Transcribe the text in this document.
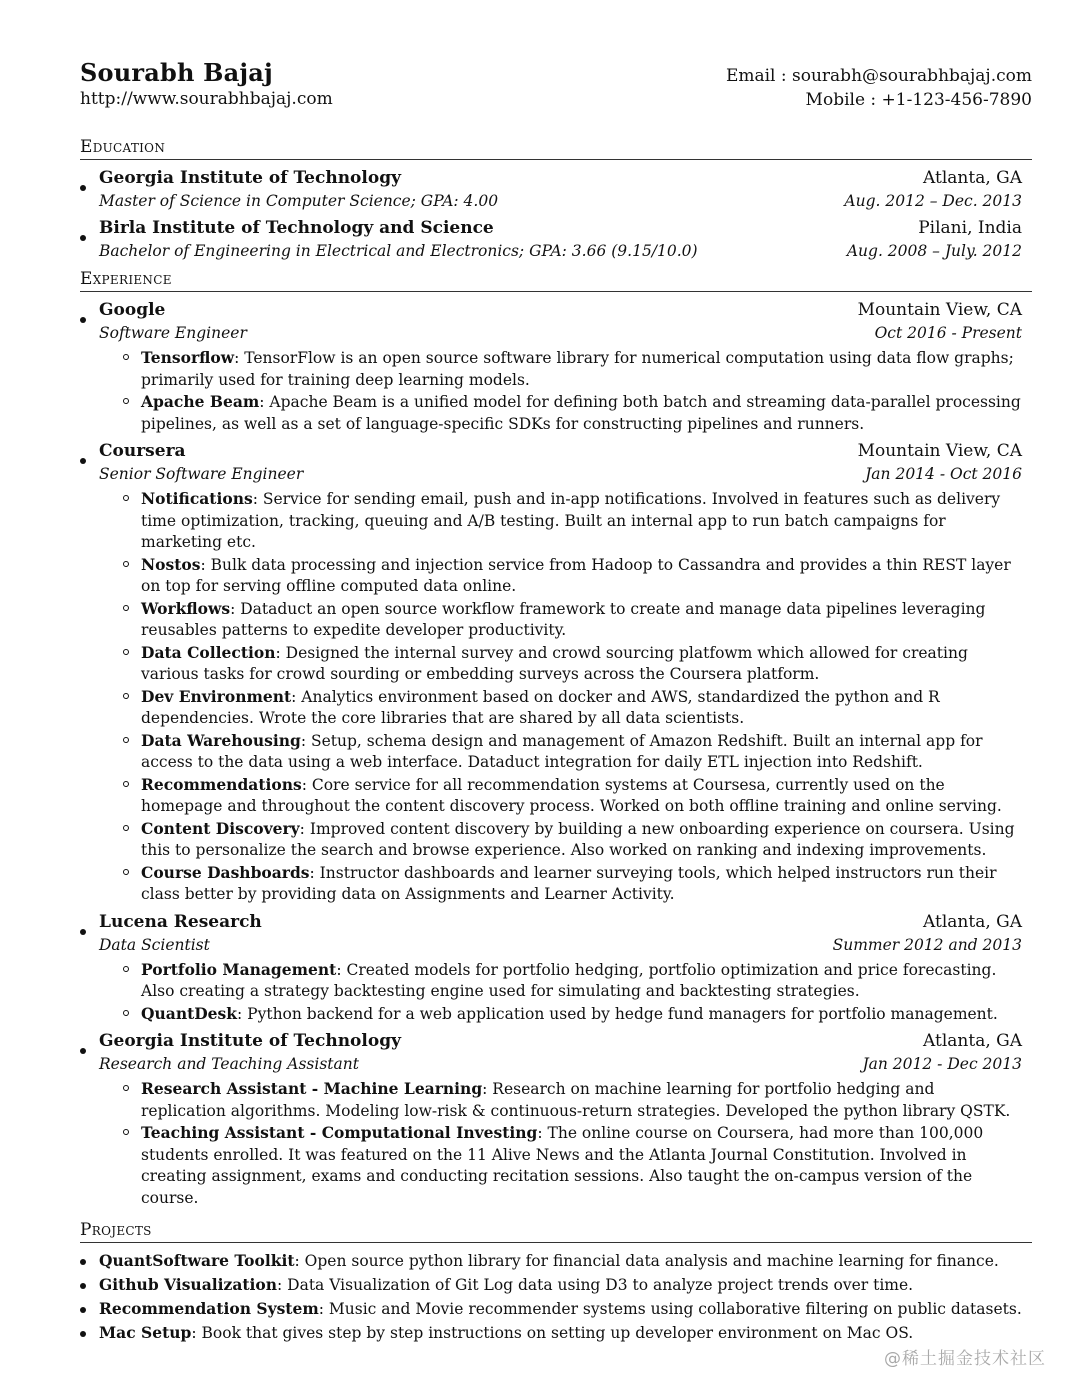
Sourabh Bajaj
http://www.sourabhbajaj.com
Email : sourabh@sourabhbajaj.com
Mobile : +1-123-456-7890
Education
Georgia Institute of Technology	Atlanta, GA
Master of Science in Computer Science; GPA: 4.00	Aug. 2012 – Dec. 2013
Birla Institute of Technology and Science	Pilani, India
Bachelor of Engineering in Electrical and Electronics; GPA: 3.66 (9.15/10.0)	Aug. 2008 – July. 2012
Experience
Google	Mountain View, CA
Software Engineer	Oct 2016 - Present
Tensorflow: TensorFlow is an open source software library for numerical computation using data flow graphs; primarily used for training deep learning models.
Apache Beam: Apache Beam is a unified model for defining both batch and streaming data-parallel processing pipelines, as well as a set of language-specific SDKs for constructing pipelines and runners.
Coursera	Mountain View, CA
Senior Software Engineer	Jan 2014 - Oct 2016
Notifications: Service for sending email, push and in-app notifications. Involved in features such as delivery time optimization, tracking, queuing and A/B testing. Built an internal app to run batch campaigns for marketing etc.
Nostos: Bulk data processing and injection service from Hadoop to Cassandra and provides a thin REST layer on top for serving offline computed data online.
Workflows: Dataduct an open source workflow framework to create and manage data pipelines leveraging reusables patterns to expedite developer productivity.
Data Collection: Designed the internal survey and crowd sourcing platfowm which allowed for creating various tasks for crowd sourding or embedding surveys across the Coursera platform.
Dev Environment: Analytics environment based on docker and AWS, standardized the python and R dependencies. Wrote the core libraries that are shared by all data scientists.
Data Warehousing: Setup, schema design and management of Amazon Redshift. Built an internal app for access to the data using a web interface. Dataduct integration for daily ETL injection into Redshift.
Recommendations: Core service for all recommendation systems at Coursesa, currently used on the homepage and throughout the content discovery process. Worked on both offline training and online serving.
Content Discovery: Improved content discovery by building a new onboarding experience on coursera. Using this to personalize the search and browse experience. Also worked on ranking and indexing improvements.
Course Dashboards: Instructor dashboards and learner surveying tools, which helped instructors run their class better by providing data on Assignments and Learner Activity.
Lucena Research	Atlanta, GA
Data Scientist	Summer 2012 and 2013
Portfolio Management: Created models for portfolio hedging, portfolio optimization and price forecasting. Also creating a strategy backtesting engine used for simulating and backtesting strategies.
QuantDesk: Python backend for a web application used by hedge fund managers for portfolio management.
Georgia Institute of Technology	Atlanta, GA
Research and Teaching Assistant	Jan 2012 - Dec 2013
Research Assistant - Machine Learning: Research on machine learning for portfolio hedging and replication algorithms. Modeling low-risk & continuous-return strategies. Developed the python library QSTK.
Teaching Assistant - Computational Investing: The online course on Coursera, had more than 100,000 students enrolled. It was featured on the 11 Alive News and the Atlanta Journal Constitution. Involved in creating assignment, exams and conducting recitation sessions. Also taught the on-campus version of the course.
Projects
QuantSoftware Toolkit: Open source python library for financial data analysis and machine learning for finance.
Github Visualization: Data Visualization of Git Log data using D3 to analyze project trends over time.
Recommendation System: Music and Movie recommender systems using collaborative filtering on public datasets.
Mac Setup: Book that gives step by step instructions on setting up developer environment on Mac OS.
@稀土掘金技术社区
